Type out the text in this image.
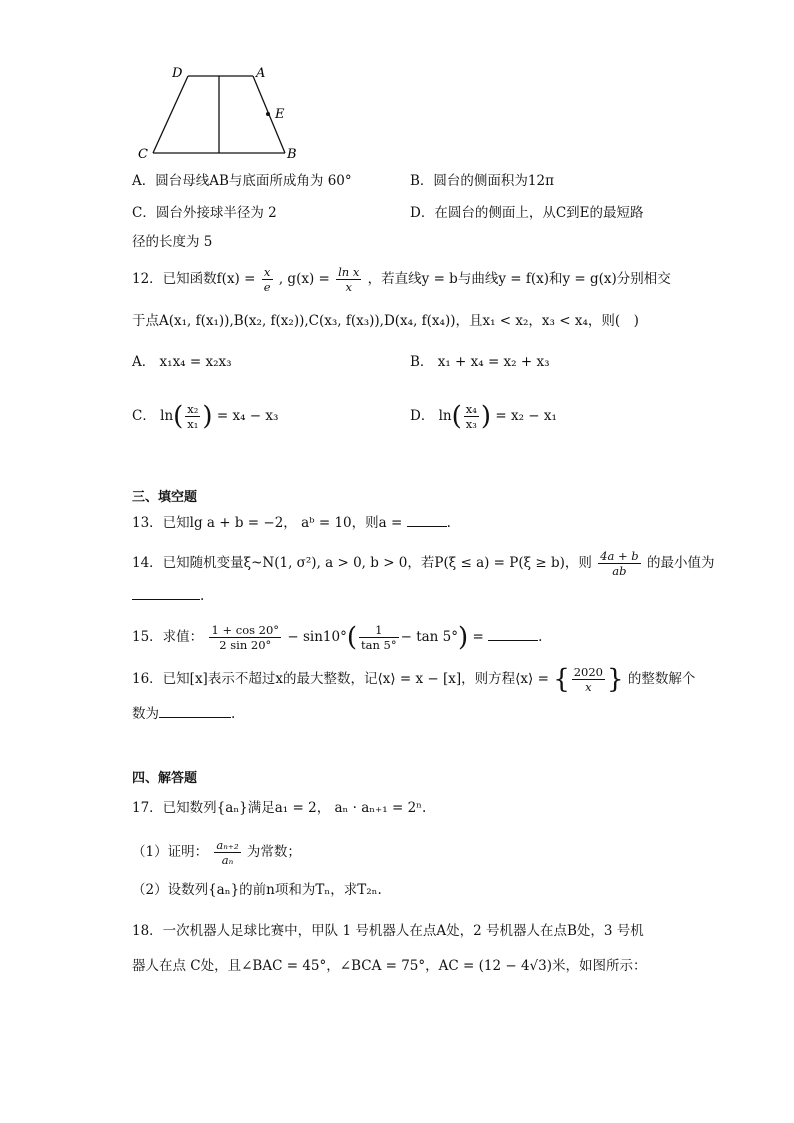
D	A
E
C	B
A．圆台母线AB与底面所成角为 60°	B．圆台的侧面积为12π
C．圆台外接球半径为 2	D．在圆台的侧面上，从C到E的最短路
径的长度为 5
12．已知函数$f(x) = \frac{x}{e}$ , $g(x) = \frac{\text{ln x}}{x}$ ，若直线y = b与曲线y = f(x)和y = g(x)分别相交
于点A(x₁, f(x₁)),B(x₂, f(x₂)),C(x₃, f(x₃)),D(x₄, f(x₄))，且x₁ < x₂，x₃ < x₄，则(　)
A． x₁x₄ = x₂x₃	B． x₁ + x₄ = x₂ + x₃
C． $\ln( \frac{\text{x₂}}{\text{x₁}}$ ) = x₄ − x₃	D． $\ln( \frac{\text{x₄}}{\text{x₃}}$ ) = x₂ − x₁
三、填空题
13．已知lg a + b = −2， aᵇ = 10，则a =	.
14．已知随机变量ξ~N(1, σ²), a > 0, b > 0，若P(ξ ≤ a) = P(ξ ≥ b)，则 $\frac{4a + b}{ab}$ 的最小值为
.
15．求值： $\frac{1 + \cos 20^\circ}{2 \sin 20^\circ} - \sin 10^\circ( \frac{1}{\tan 5^\circ} - \tan 5^\circ)$ =	.
16．已知[x]表示不超过x的最大整数，记⟨x⟩ = x − [x]，则方程⟨x⟩ = { $\frac{2020}{x}$ } 的整数解个
数为	.
四、解答题
17．已知数列{aₙ}满足a₁ = 2， aₙ · aₙ₊₁ = 2ⁿ.
（1）证明： $\frac{\text{aₙ₊₂}}{\text{aₙ}}$ 为常数；
（2）设数列{aₙ}的前n项和为Tₙ，求T₂ₙ.
18．一次机器人足球比赛中，甲队 1 号机器人在点A处，2 号机器人在点B处，3 号机
器人在点 C处，且∠BAC = 45°，∠BCA = 75°，AC = (12 − 4√3)米，如图所示：
